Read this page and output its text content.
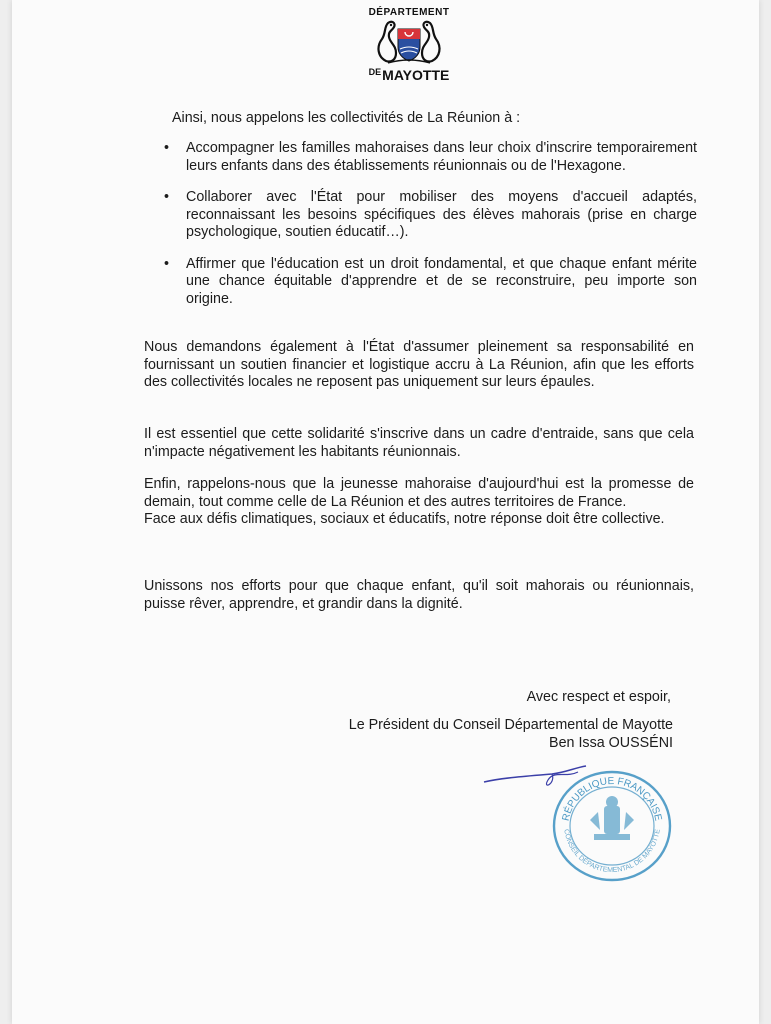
DÉPARTEMENT
$^{DE}$MAYOTTE
Ainsi, nous appelons les collectivités de La Réunion à :
• Accompagner les familles mahoraises dans leur choix d'inscrire temporairement leurs enfants dans des établissements réunionnais ou de l'Hexagone.
• Collaborer avec l'État pour mobiliser des moyens d'accueil adaptés, reconnaissant les besoins spécifiques des élèves mahorais (prise en charge psychologique, soutien éducatif…).
• Affirmer que l'éducation est un droit fondamental, et que chaque enfant mérite une chance équitable d'apprendre et de se reconstruire, peu importe son origine.
Nous demandons également à l'État d'assumer pleinement sa responsabilité en fournissant un soutien financier et logistique accru à La Réunion, afin que les efforts des collectivités locales ne reposent pas uniquement sur leurs épaules.
Il est essentiel que cette solidarité s'inscrive dans un cadre d'entraide, sans que cela n'impacte négativement les habitants réunionnais.
Enfin, rappelons-nous que la jeunesse mahoraise d'aujourd'hui est la promesse de demain, tout comme celle de La Réunion et des autres territoires de France.
Face aux défis climatiques, sociaux et éducatifs, notre réponse doit être collective.
Unissons nos efforts pour que chaque enfant, qu'il soit mahorais ou réunionnais, puisse rêver, apprendre, et grandir dans la dignité.
Avec respect et espoir,
Le Président du Conseil Départemental de Mayotte
Ben Issa OUSSÉNI
RÉPUBLIQUE FRANÇAISE
CONSEIL DÉPARTEMENTAL DE MAYOTTE
